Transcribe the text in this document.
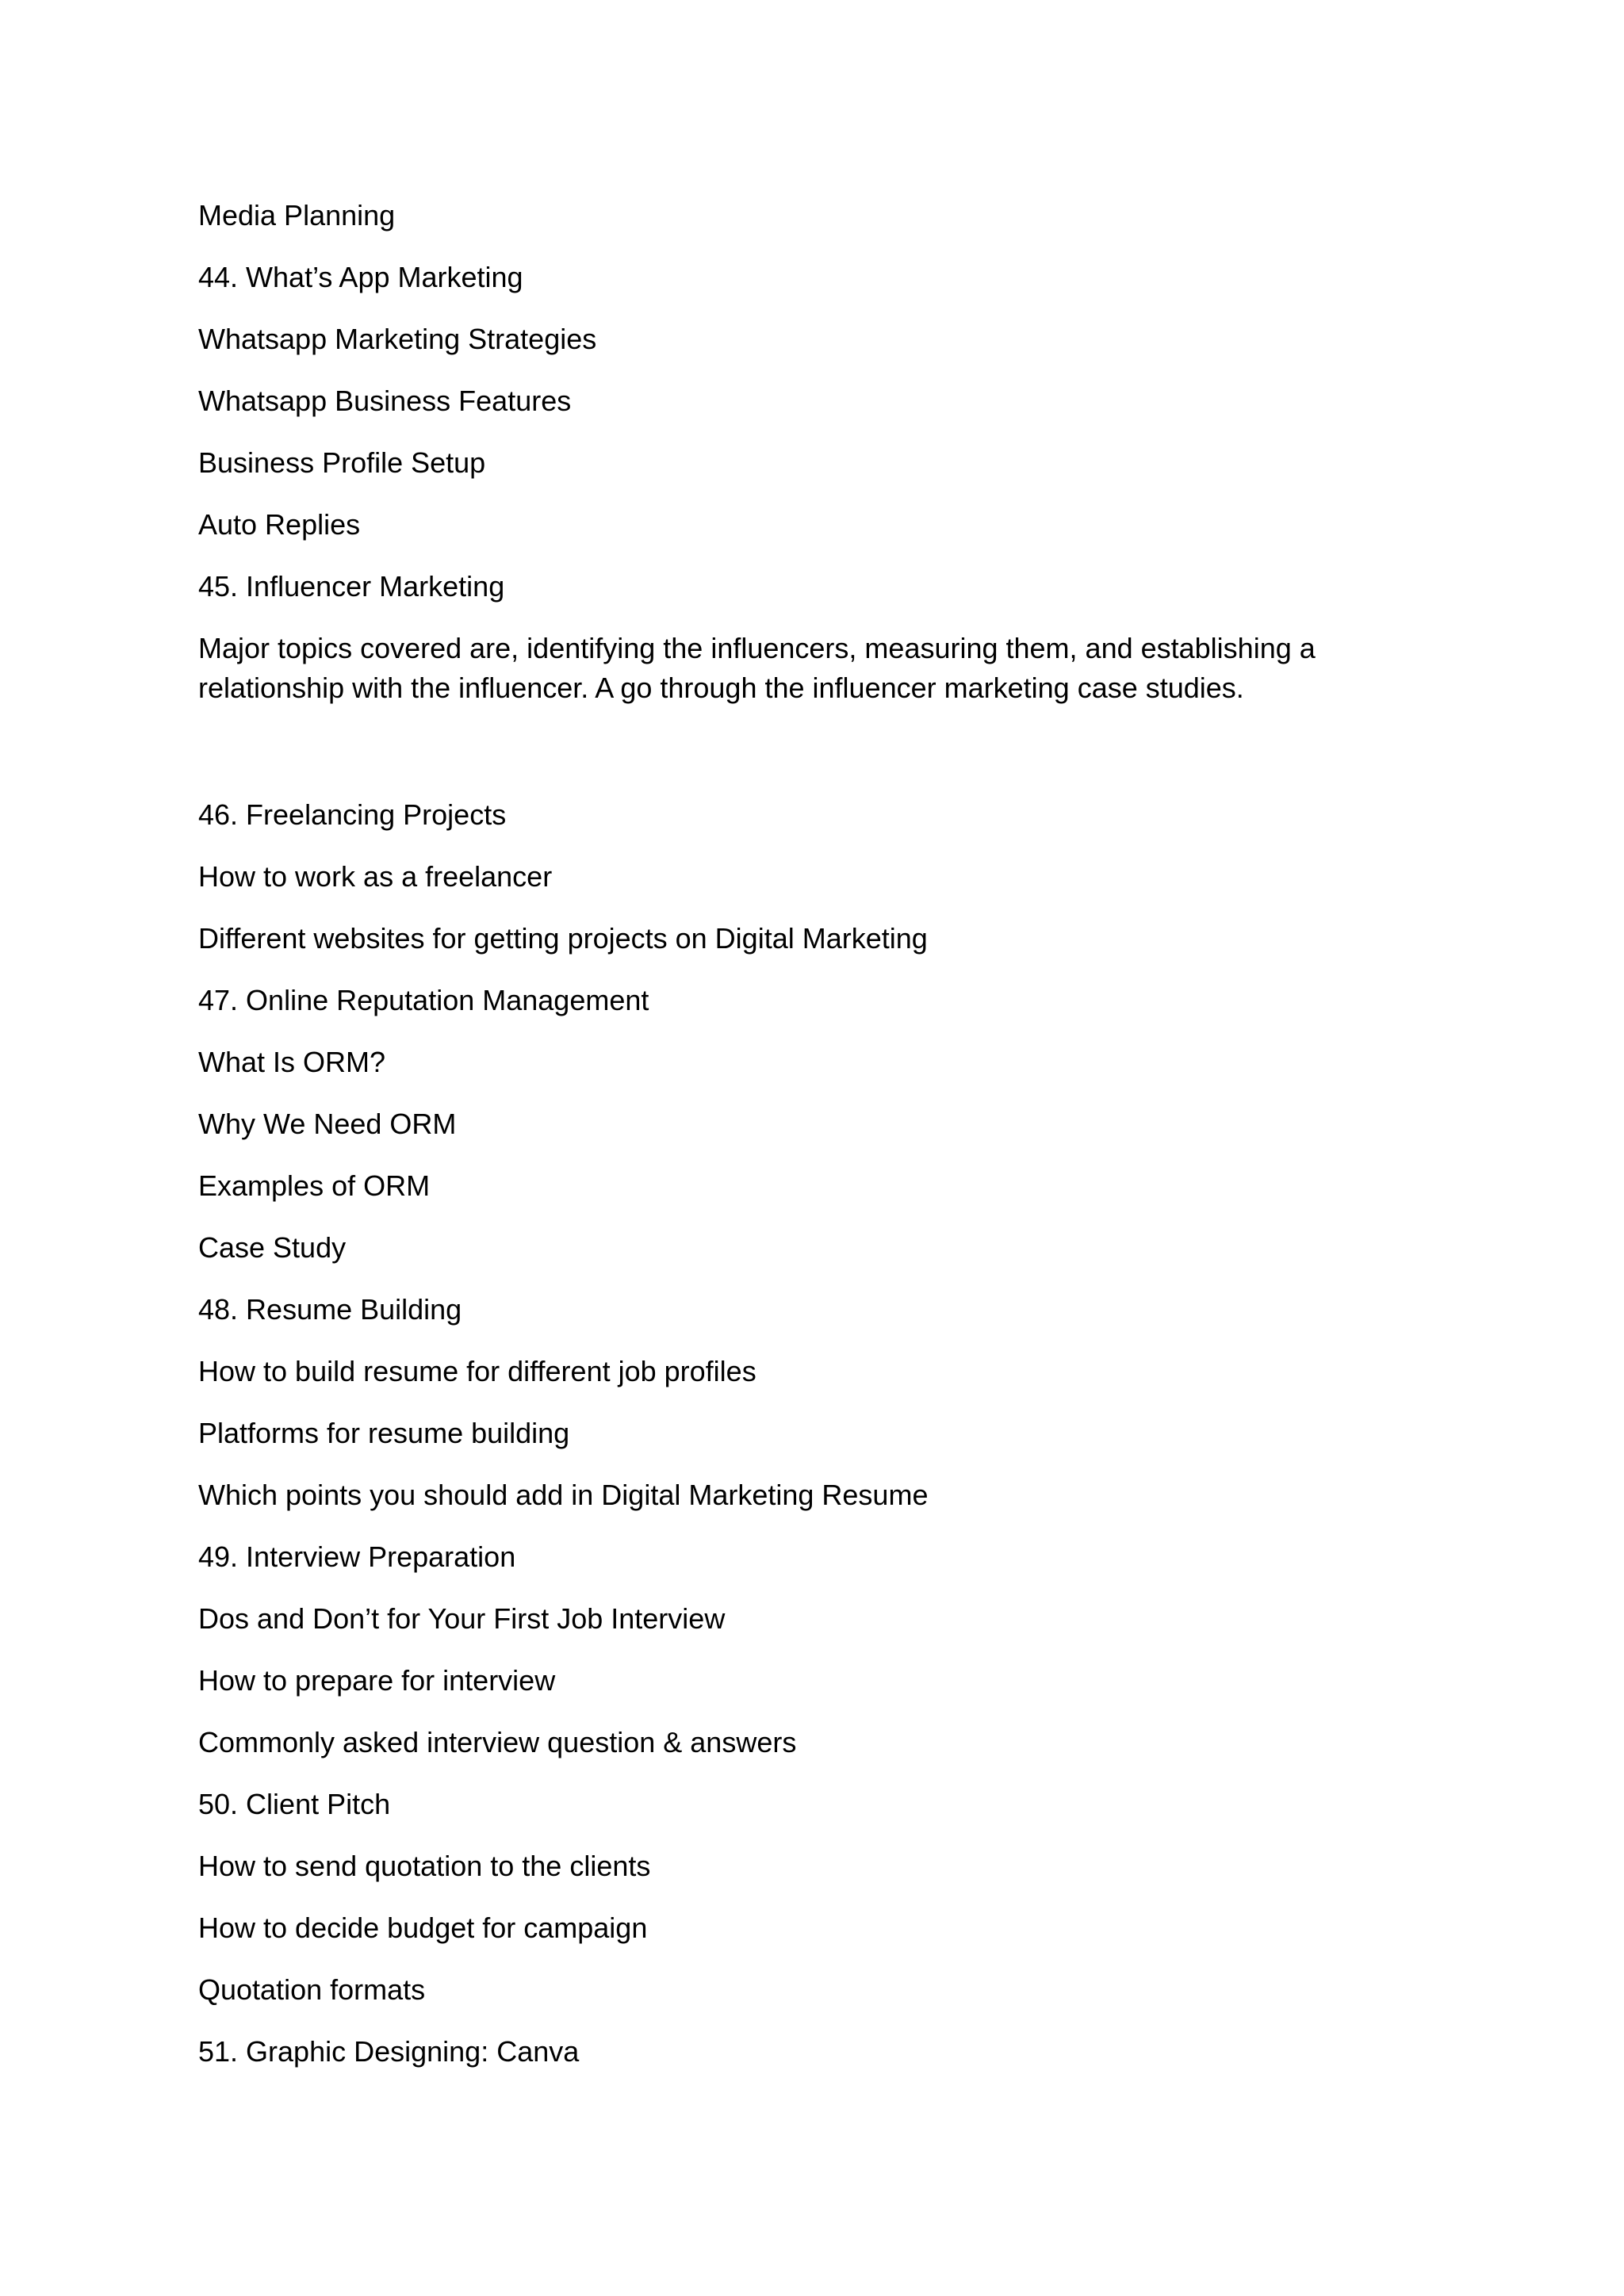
Media Planning
44. What’s App Marketing
Whatsapp Marketing Strategies
Whatsapp Business Features
Business Profile Setup
Auto Replies
45. Influencer Marketing
Major topics covered are, identifying the influencers, measuring them, and establishing a relationship with the influencer. A go through the influencer marketing case studies.
46. Freelancing Projects
How to work as a freelancer
Different websites for getting projects on Digital Marketing
47. Online Reputation Management
What Is ORM?
Why We Need ORM
Examples of ORM
Case Study
48. Resume Building
How to build resume for different job profiles
Platforms for resume building
Which points you should add in Digital Marketing Resume
49. Interview Preparation
Dos and Don’t for Your First Job Interview
How to prepare for interview
Commonly asked interview question & answers
50. Client Pitch
How to send quotation to the clients
How to decide budget for campaign
Quotation formats
51. Graphic Designing: Canva
